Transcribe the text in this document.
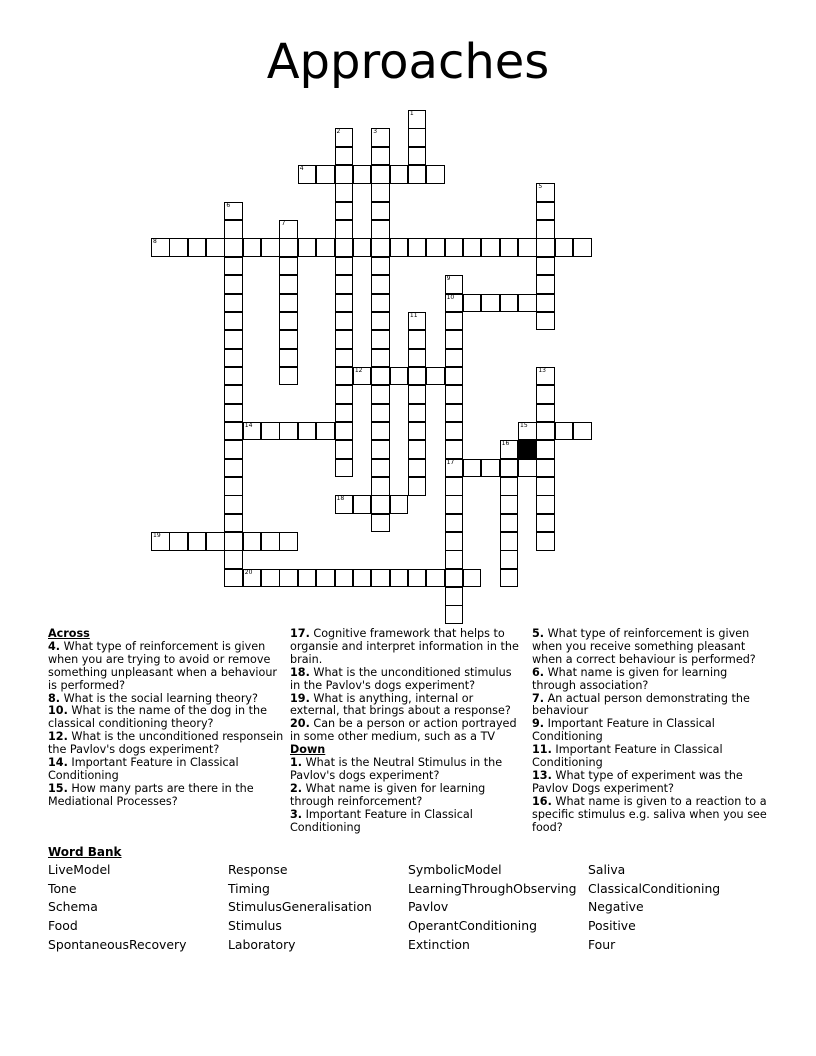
Approaches
1
2	3
4
5
6
7
8
9
10
17
11
12	13
14	15
16
18
19
20
Across
4. What type of reinforcement is given when you are trying to avoid or remove something unpleasant when a behaviour is performed?
8. What is the social learning theory?
10. What is the name of the dog in the classical conditioning theory?
12. What is the unconditioned responsein the Pavlov's dogs experiment?
14. Important Feature in Classical Conditioning
15. How many parts are there in the Mediational Processes?
17. Cognitive framework that helps to organsie and interpret information in the brain.
18. What is the unconditioned stimulus in the Pavlov's dogs experiment?
19. What is anything, internal or external, that brings about a response?
20. Can be a person or action portrayed in some other medium, such as a TV
Down
1. What is the Neutral Stimulus in the Pavlov's dogs experiment?
2. What name is given for learning through reinforcement?
3. Important Feature in Classical Conditioning
5. What type of reinforcement is given when you receive something pleasant when a correct behaviour is performed?
6. What name is given for learning through association?
7. An actual person demonstrating the behaviour
9. Important Feature in Classical Conditioning
11. Important Feature in Classical Conditioning
13. What type of experiment was the Pavlov Dogs experiment?
16. What name is given to a reaction to a specific stimulus e.g. saliva when you see food?
Word Bank
LiveModel	Response	SymbolicModel	Saliva
Tone	Timing	LearningThroughObserving ClassicalConditioning
Schema	StimulusGeneralisation	Pavlov	Negative
Food	Stimulus	OperantConditioning	Positive
SpontaneousRecovery	Laboratory	Extinction	Four
